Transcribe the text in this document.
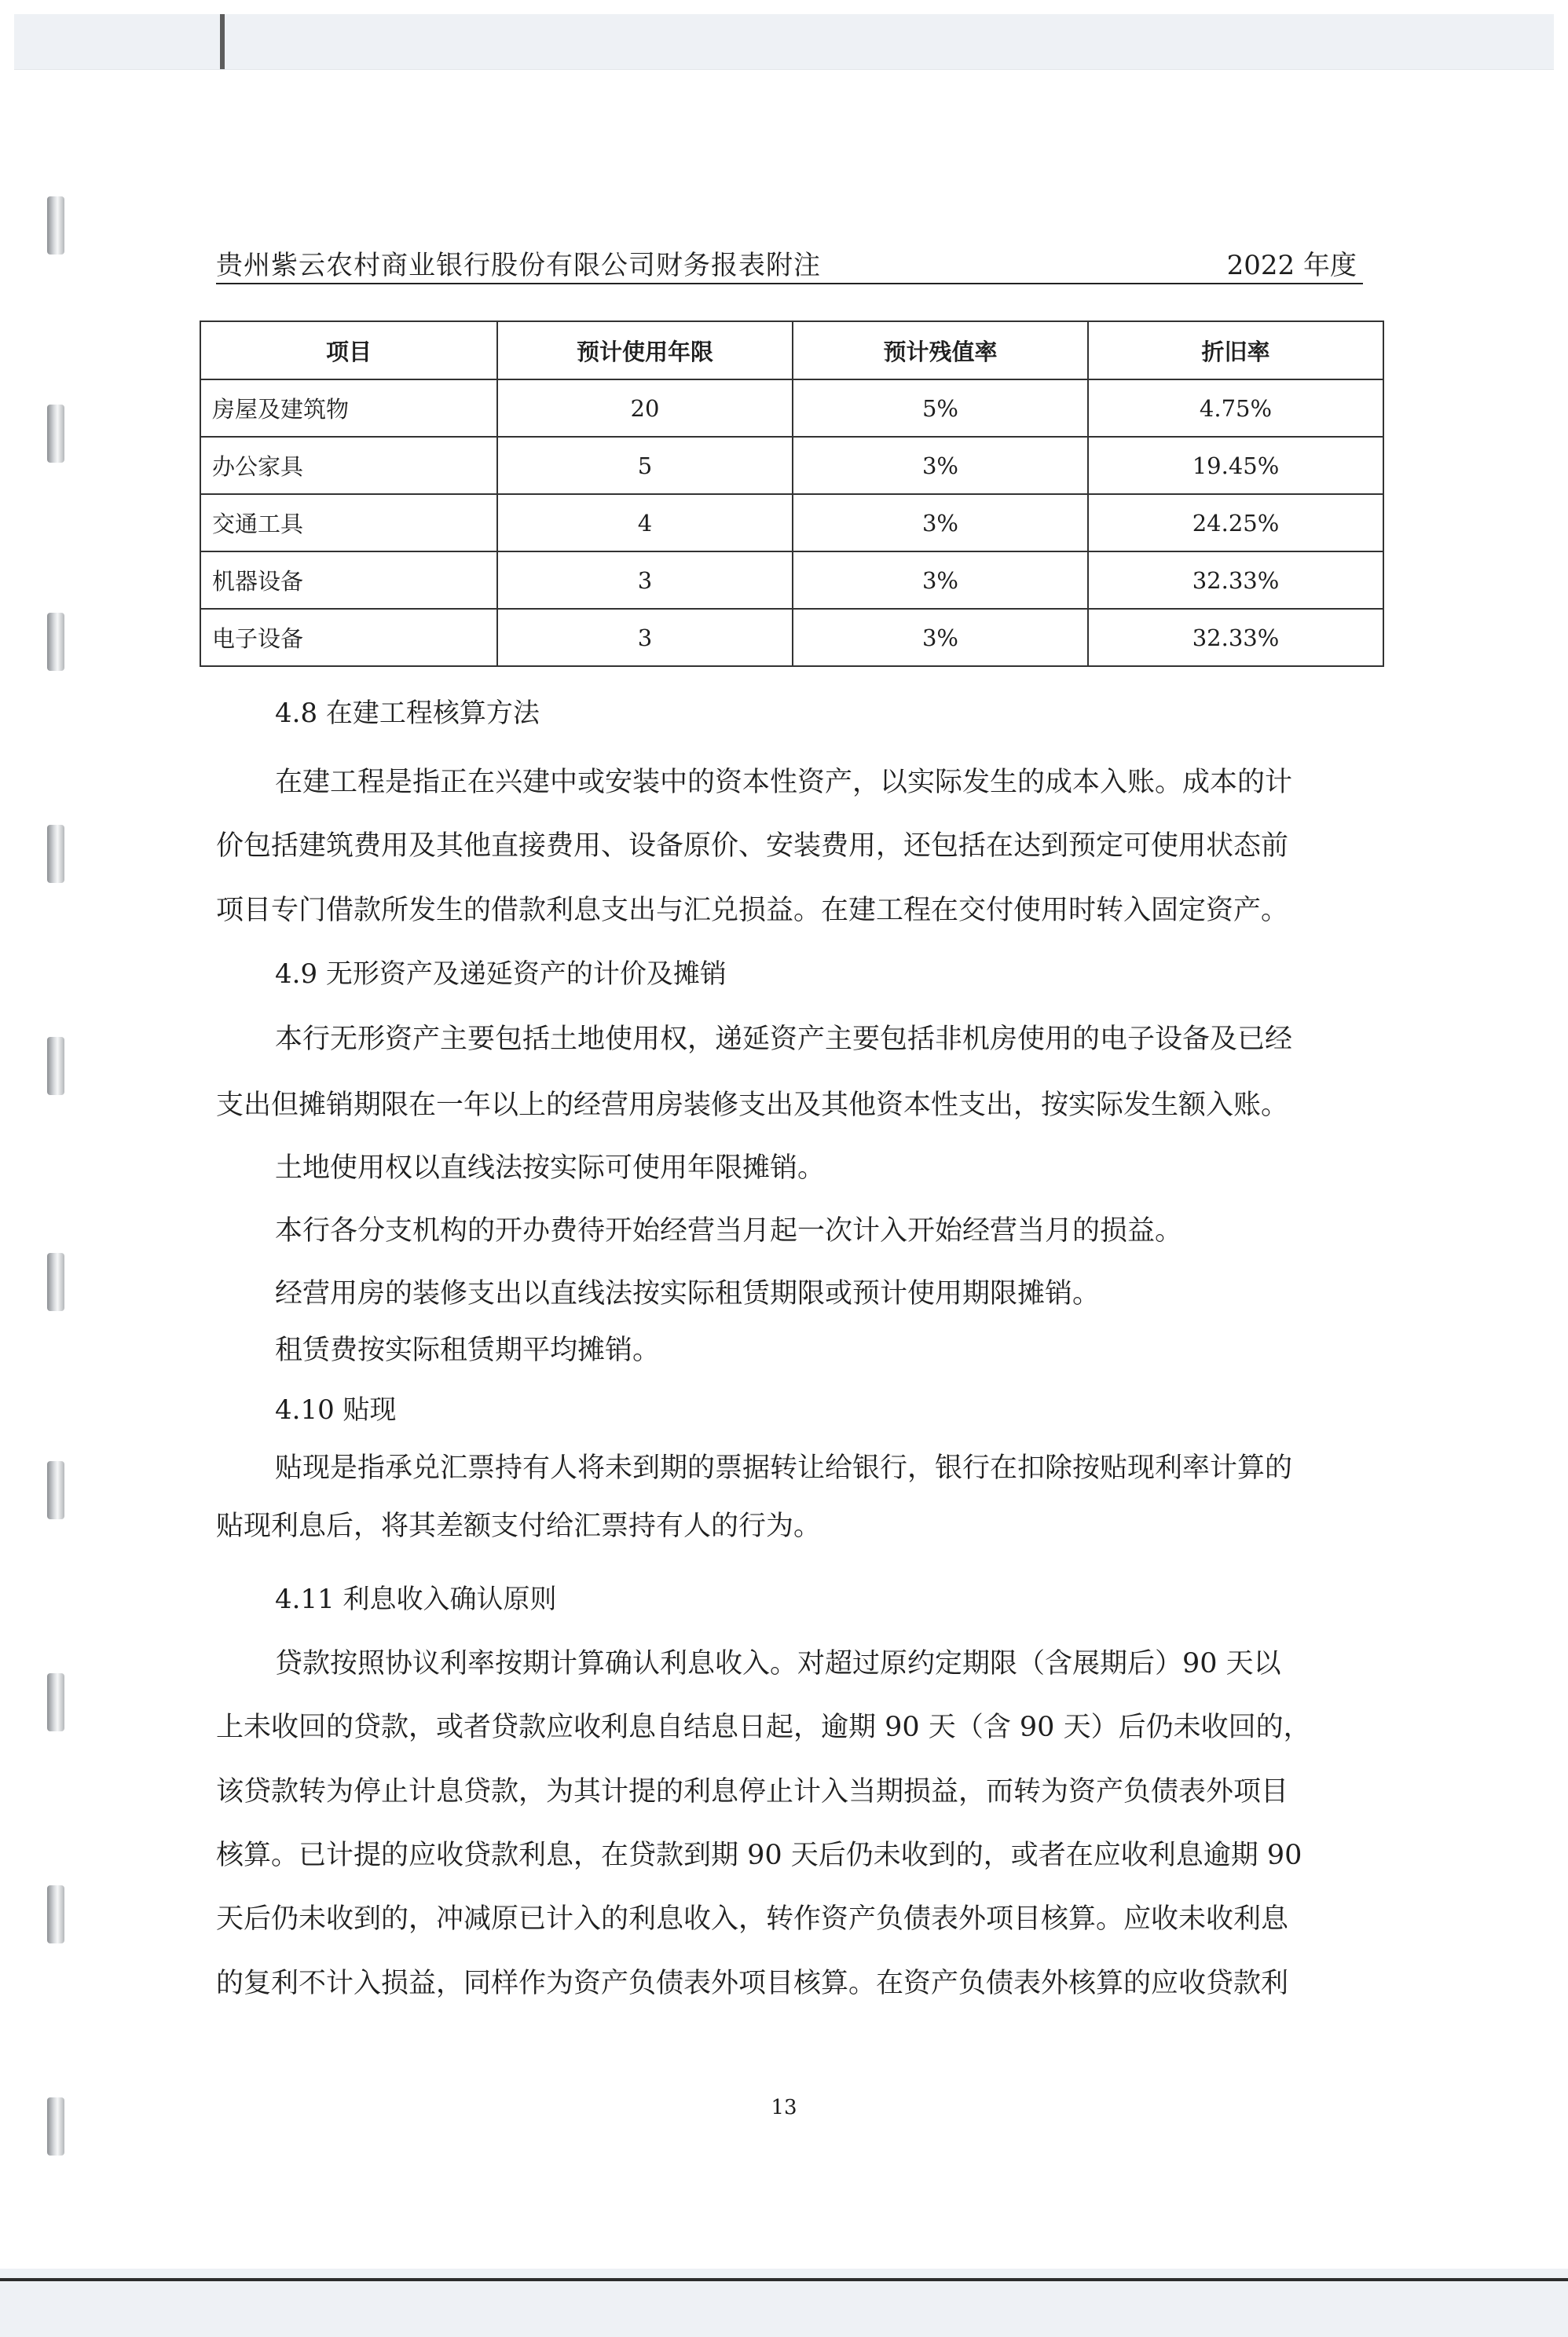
贵州紫云农村商业银行股份有限公司财务报表附注	2022 年度
项目	预计使用年限	预计残值率	折旧率
房屋及建筑物	20	5%	4.75%
办公家具	5	3%	19.45%
交通工具	4	3%	24.25%
机器设备	3	3%	32.33%
电子设备	3	3%	32.33%
4.8 在建工程核算方法
在建工程是指正在兴建中或安装中的资本性资产，以实际发生的成本入账。成本的计
价包括建筑费用及其他直接费用、设备原价、安装费用，还包括在达到预定可使用状态前
项目专门借款所发生的借款利息支出与汇兑损益。在建工程在交付使用时转入固定资产。
4.9 无形资产及递延资产的计价及摊销
本行无形资产主要包括土地使用权，递延资产主要包括非机房使用的电子设备及已经
支出但摊销期限在一年以上的经营用房装修支出及其他资本性支出，按实际发生额入账。
土地使用权以直线法按实际可使用年限摊销。
本行各分支机构的开办费待开始经营当月起一次计入开始经营当月的损益。
经营用房的装修支出以直线法按实际租赁期限或预计使用期限摊销。
租赁费按实际租赁期平均摊销。
4.10 贴现
贴现是指承兑汇票持有人将未到期的票据转让给银行，银行在扣除按贴现利率计算的
贴现利息后，将其差额支付给汇票持有人的行为。
4.11 利息收入确认原则
贷款按照协议利率按期计算确认利息收入。对超过原约定期限（含展期后）90 天以
上未收回的贷款，或者贷款应收利息自结息日起，逾期 90 天（含 90 天）后仍未收回的，
该贷款转为停止计息贷款，为其计提的利息停止计入当期损益，而转为资产负债表外项目
核算。已计提的应收贷款利息，在贷款到期 90 天后仍未收到的，或者在应收利息逾期 90
天后仍未收到的，冲减原已计入的利息收入，转作资产负债表外项目核算。应收未收利息
的复利不计入损益，同样作为资产负债表外项目核算。在资产负债表外核算的应收贷款利
13
